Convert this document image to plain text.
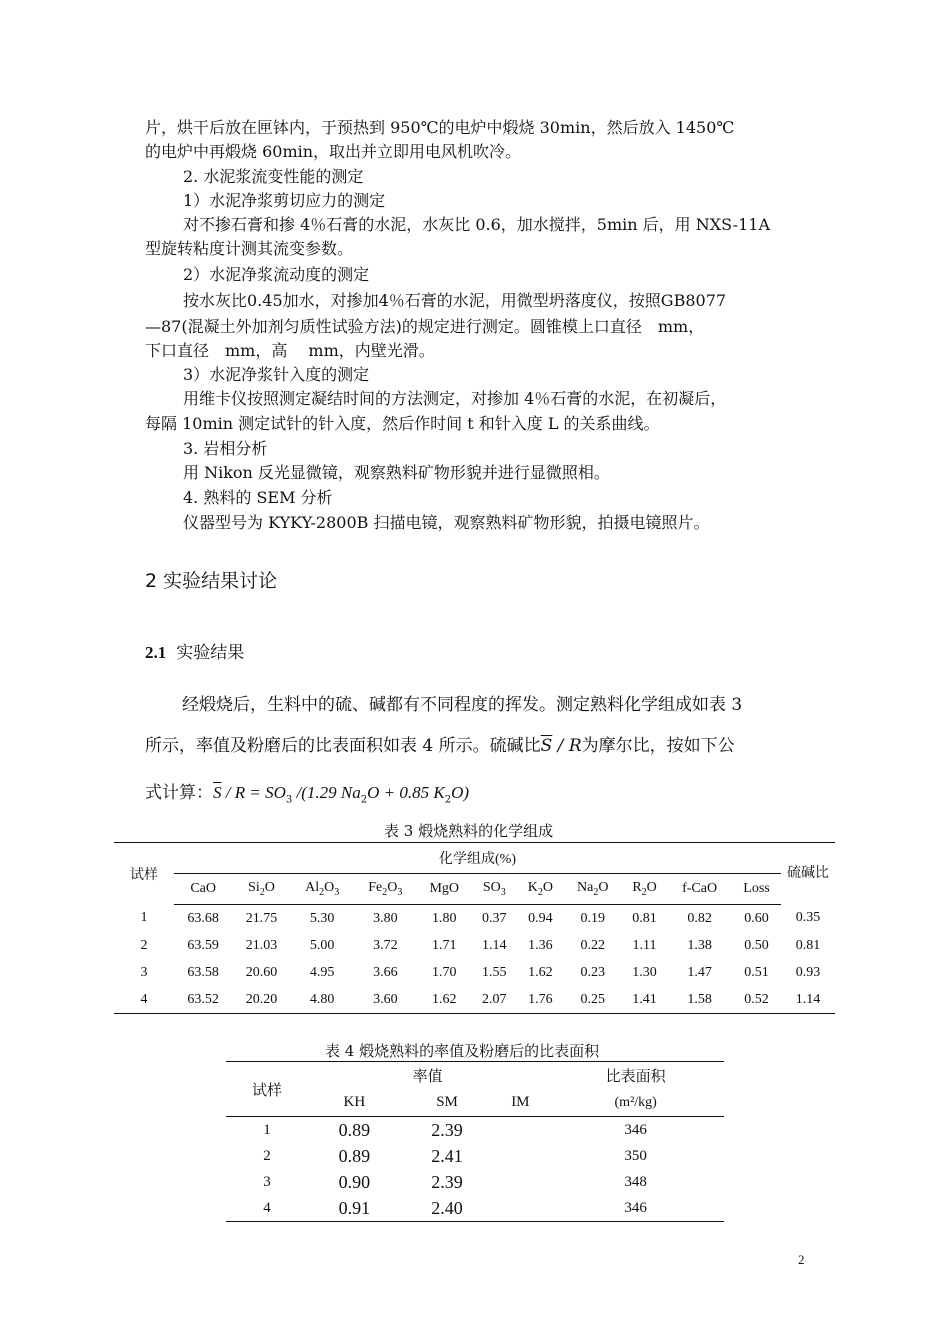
片，烘干后放在匣钵内，于预热到 950℃的电炉中煅烧 30min，然后放入 1450℃
的电炉中再煅烧 60min，取出并立即用电风机吹冷。
2. 水泥浆流变性能的测定
1）水泥净浆剪切应力的测定
对不掺石膏和掺 4％石膏的水泥，水灰比 0.6，加水搅拌，5min 后，用 NXS-11A
型旋转粘度计测其流变参数。
2）水泥净浆流动度的测定
按水灰比0.45加水，对掺加4％石膏的水泥，用微型坍落度仪，按照GB8077
—87(混凝土外加剂匀质性试验方法)的规定进行测定。圆锥模上口直径　mm，
下口直径　mm，高　 mm，内壁光滑。
3）水泥净浆针入度的测定
用维卡仪按照测定凝结时间的方法测定，对掺加 4％石膏的水泥，在初凝后，
每隔 10min 测定试针的针入度，然后作时间 t 和针入度 L 的关系曲线。
3. 岩相分析
用 Nikon 反光显微镜，观察熟料矿物形貌并进行显微照相。
4. 熟料的 SEM 分析
仪器型号为 KYKY-2800B 扫描电镜，观察熟料矿物形貌，拍摄电镜照片。
2 实验结果讨论
2.1 实验结果
经煅烧后，生料中的硫、碱都有不同程度的挥发。测定熟料化学组成如表 3
所示，率值及粉磨后的比表面积如表 4 所示。硫碱比$\overline{S}$ / R为摩尔比，按如下公
式计算：$\overline{S} / R = SO_3$ /(1.29 $Na_2O + 0.85$ $K_2O$)
表 3 煅烧熟料的化学组成
试样	化学组成(%)											硫碱比
	CaO	$Si_2O$	$Al_2O_3$	$Fe_2O_3$	MgO	$SO_3$	$K_2O$	$Na_2O$	$R_2O$	f-CaO	Loss	
1	63.68	21.75	5.30	3.80	1.80	0.37	0.94	0.19	0.81	0.82	0.60	0.35
2	63.59	21.03	5.00	3.72	1.71	1.14	1.36	0.22	1.11	1.38	0.50	0.81
3	63.58	20.60	4.95	3.66	1.70	1.55	1.62	0.23	1.30	1.47	0.51	0.93
4	63.52	20.20	4.80	3.60	1.62	2.07	1.76	0.25	1.41	1.58	0.52	1.14
表 4 煅烧熟料的率值及粉磨后的比表面积
试样	率值			比表面积
	KH	SM	IM	(m²/kg)
1	0.89	2.39		346
2	0.89	2.41		350
3	0.90	2.39		348
4	0.91	2.40		346
2
